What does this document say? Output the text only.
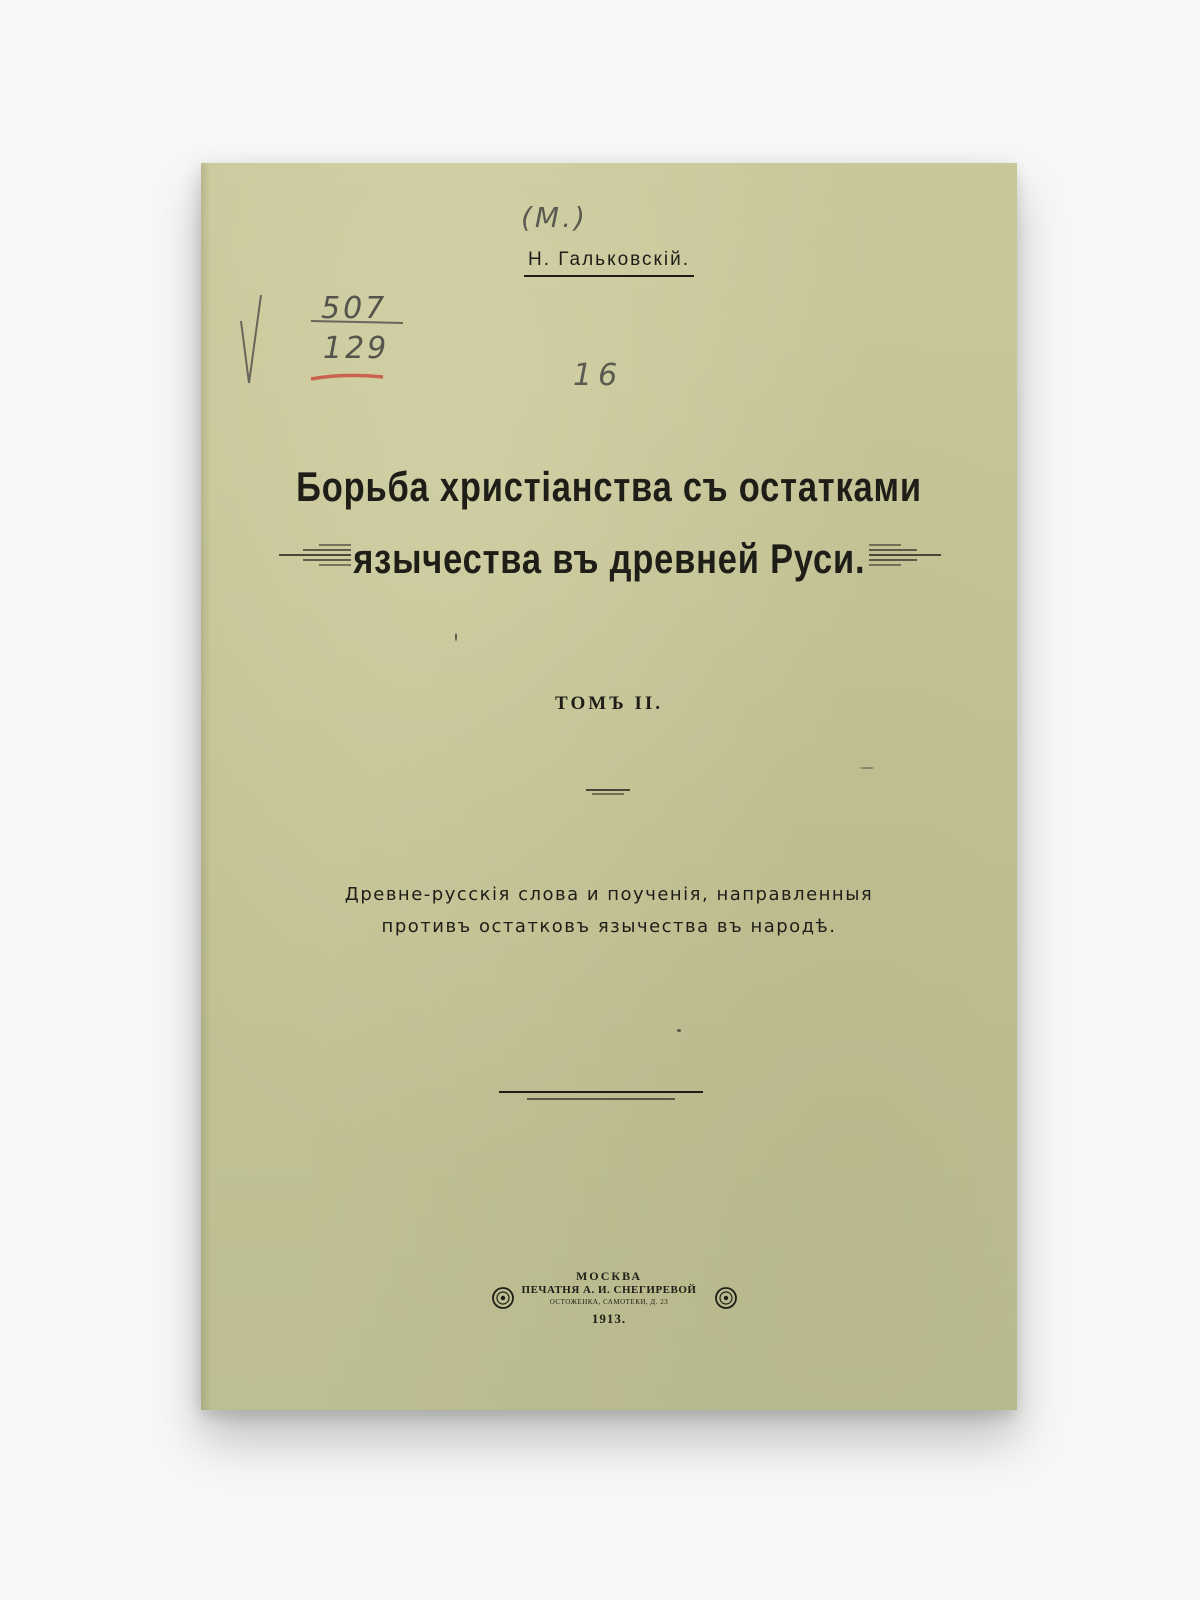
(M.)
Н. Гальковскій.
507
129
16
Борьба христіанства съ остатками
язычества въ древней Руси.
ТОМЪ II.
Древне-русскія слова и поученія, направленныя
противъ остатковъ язычества въ народѣ.
МОСКВА
ПЕЧАТНЯ А. И. СНЕГИРЕВОЙ
ОСТОЖЕНКА, САМОТЕКИ, Д. 23
1913.
